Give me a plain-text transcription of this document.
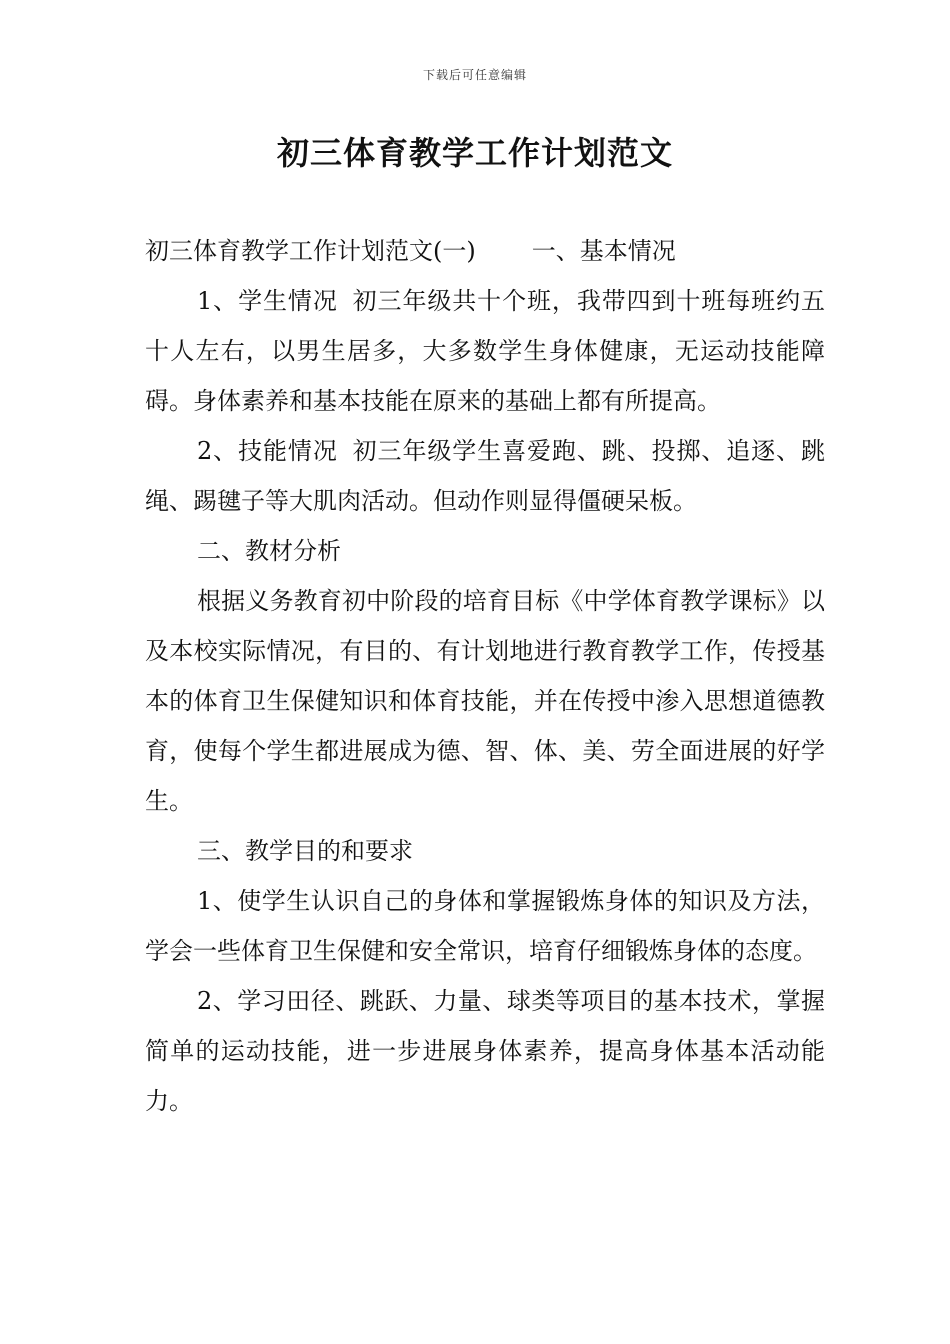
下载后可任意编辑
初三体育教学工作计划范文

初三体育教学工作计划范文(一) 一、基本情况

1、学生情况 初三年级共十个班，我带四到十班每班约五十人左右，以男生居多，大多数学生身体健康，无运动技能障碍。身体素养和基本技能在原来的基础上都有所提高。

2、技能情况 初三年级学生喜爱跑、跳、投掷、追逐、跳绳、踢毽子等大肌肉活动。但动作则显得僵硬呆板。

二、教材分析

根据义务教育初中阶段的培育目标《中学体育教学课标》以及本校实际情况，有目的、有计划地进行教育教学工作，传授基本的体育卫生保健知识和体育技能，并在传授中渗入思想道德教育，使每个学生都进展成为德、智、体、美、劳全面进展的好学生。

三、教学目的和要求

1、使学生认识自己的身体和掌握锻炼身体的知识及方法，学会一些体育卫生保健和安全常识，培育仔细锻炼身体的态度。

2、学习田径、跳跃、力量、球类等项目的基本技术，掌握简单的运动技能，进一步进展身体素养，提高身体基本活动能力。
